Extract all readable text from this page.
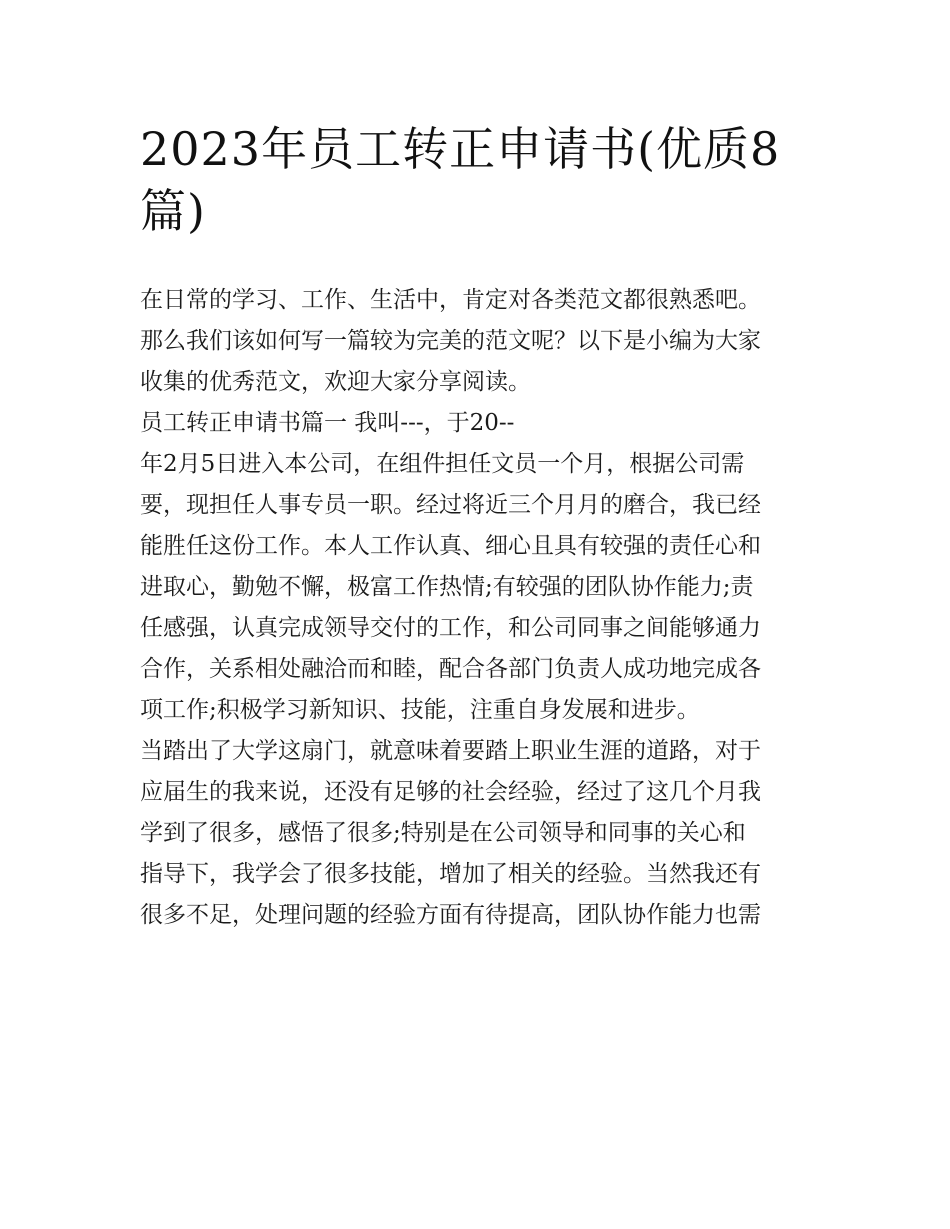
2023年员工转正申请书(优质8
篇)
在日常的学习、工作、生活中，肯定对各类范文都很熟悉吧。
那么我们该如何写一篇较为完美的范文呢？以下是小编为大家
收集的优秀范文，欢迎大家分享阅读。
员工转正申请书篇一 我叫---，于20--
年2月5日进入本公司，在组件担任文员一个月，根据公司需
要，现担任人事专员一职。经过将近三个月月的磨合，我已经
能胜任这份工作。本人工作认真、细心且具有较强的责任心和
进取心，勤勉不懈，极富工作热情;有较强的团队协作能力;责
任感强，认真完成领导交付的工作，和公司同事之间能够通力
合作，关系相处融洽而和睦，配合各部门负责人成功地完成各
项工作;积极学习新知识、技能，注重自身发展和进步。
当踏出了大学这扇门，就意味着要踏上职业生涯的道路，对于
应届生的我来说，还没有足够的社会经验，经过了这几个月我
学到了很多，感悟了很多;特别是在公司领导和同事的关心和
指导下，我学会了很多技能，增加了相关的经验。当然我还有
很多不足，处理问题的经验方面有待提高，团队协作能力也需
